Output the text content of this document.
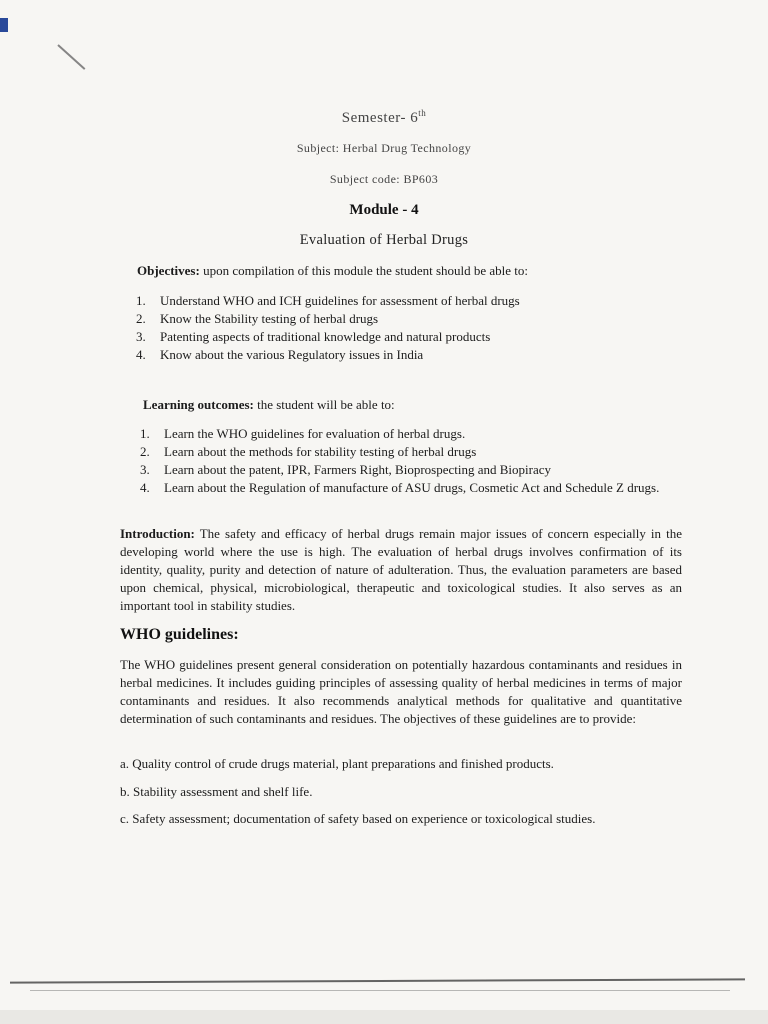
Semester- 6th
Subject: Herbal Drug Technology
Subject code: BP603
Module - 4
Evaluation of Herbal Drugs
Objectives: upon compilation of this module the student should be able to:
1. Understand WHO and ICH guidelines for assessment of herbal drugs
2. Know the Stability testing of herbal drugs
3. Patenting aspects of traditional knowledge and natural products
4. Know about the various Regulatory issues in India
Learning outcomes: the student will be able to:
1. Learn the WHO guidelines for evaluation of herbal drugs.
2. Learn about the methods for stability testing of herbal drugs
3. Learn about the patent, IPR, Farmers Right, Bioprospecting and Biopiracy
4. Learn about the Regulation of manufacture of ASU drugs, Cosmetic Act and Schedule Z drugs.
Introduction: The safety and efficacy of herbal drugs remain major issues of concern especially in the developing world where the use is high. The evaluation of herbal drugs involves confirmation of its identity, quality, purity and detection of nature of adulteration. Thus, the evaluation parameters are based upon chemical, physical, microbiological, therapeutic and toxicological studies. It also serves as an important tool in stability studies.
WHO guidelines:
The WHO guidelines present general consideration on potentially hazardous contaminants and residues in herbal medicines. It includes guiding principles of assessing quality of herbal medicines in terms of major contaminants and residues. It also recommends analytical methods for qualitative and quantitative determination of such contaminants and residues. The objectives of these guidelines are to provide:
a. Quality control of crude drugs material, plant preparations and finished products.
b. Stability assessment and shelf life.
c. Safety assessment; documentation of safety based on experience or toxicological studies.
